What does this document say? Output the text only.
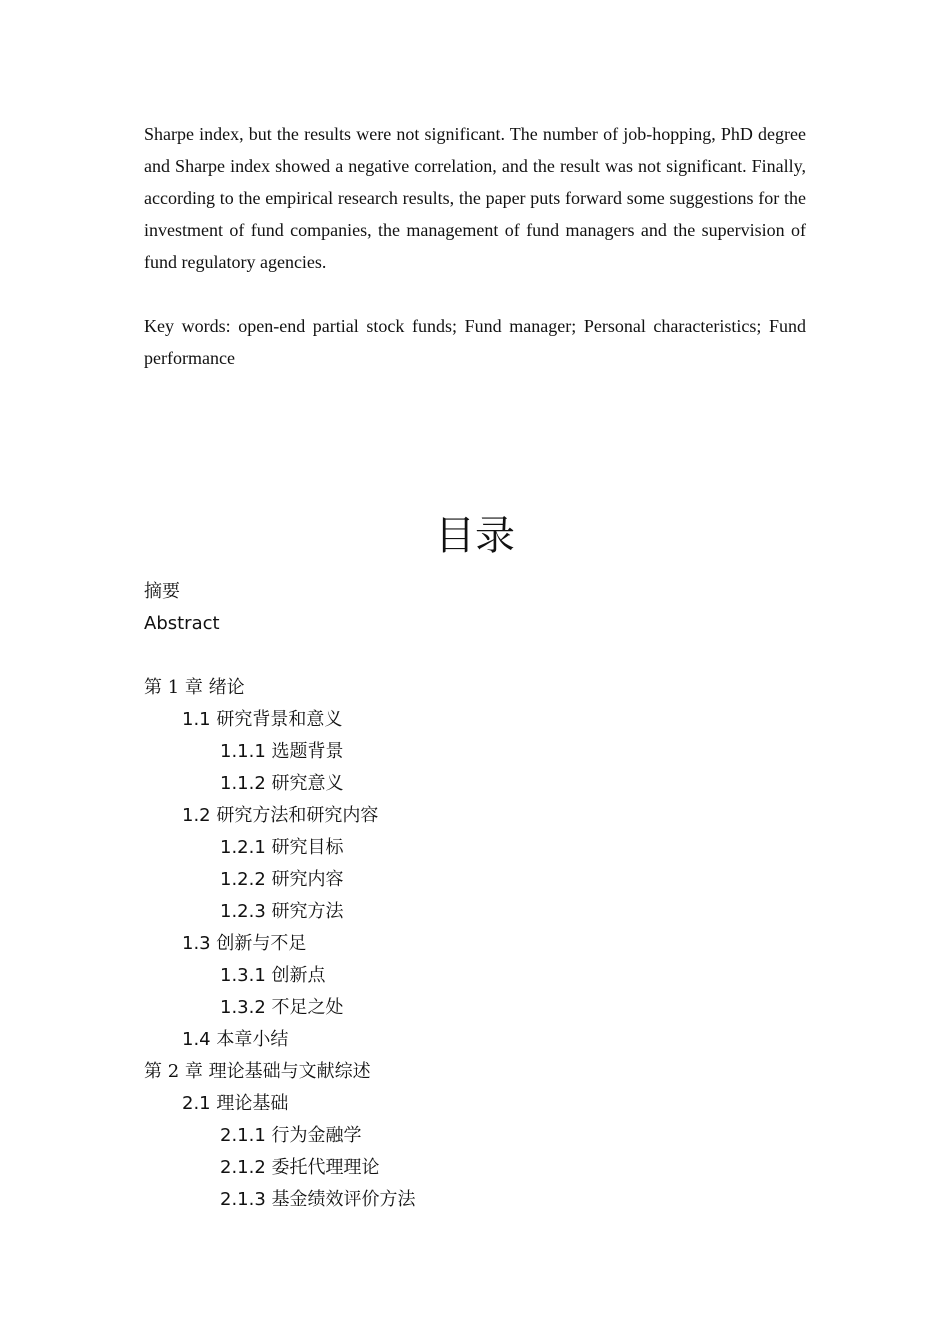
Sharpe index, but the results were not significant. The number of job-hopping, PhD degree and Sharpe index showed a negative correlation, and the result was not significant. Finally, according to the empirical research results, the paper puts forward some suggestions for the investment of fund companies, the management of fund managers and the supervision of fund regulatory agencies.

Key words: open-end partial stock funds; Fund manager; Personal characteristics; Fund performance

目录
摘要
Abstract
第 1 章 绪论
1.1 研究背景和意义
1.1.1 选题背景
1.1.2 研究意义
1.2 研究方法和研究内容
1.2.1 研究目标
1.2.2 研究内容
1.2.3 研究方法
1.3 创新与不足
1.3.1 创新点
1.3.2 不足之处
1.4 本章小结
第 2 章 理论基础与文献综述
2.1 理论基础
2.1.1 行为金融学
2.1.2 委托代理理论
2.1.3 基金绩效评价方法
